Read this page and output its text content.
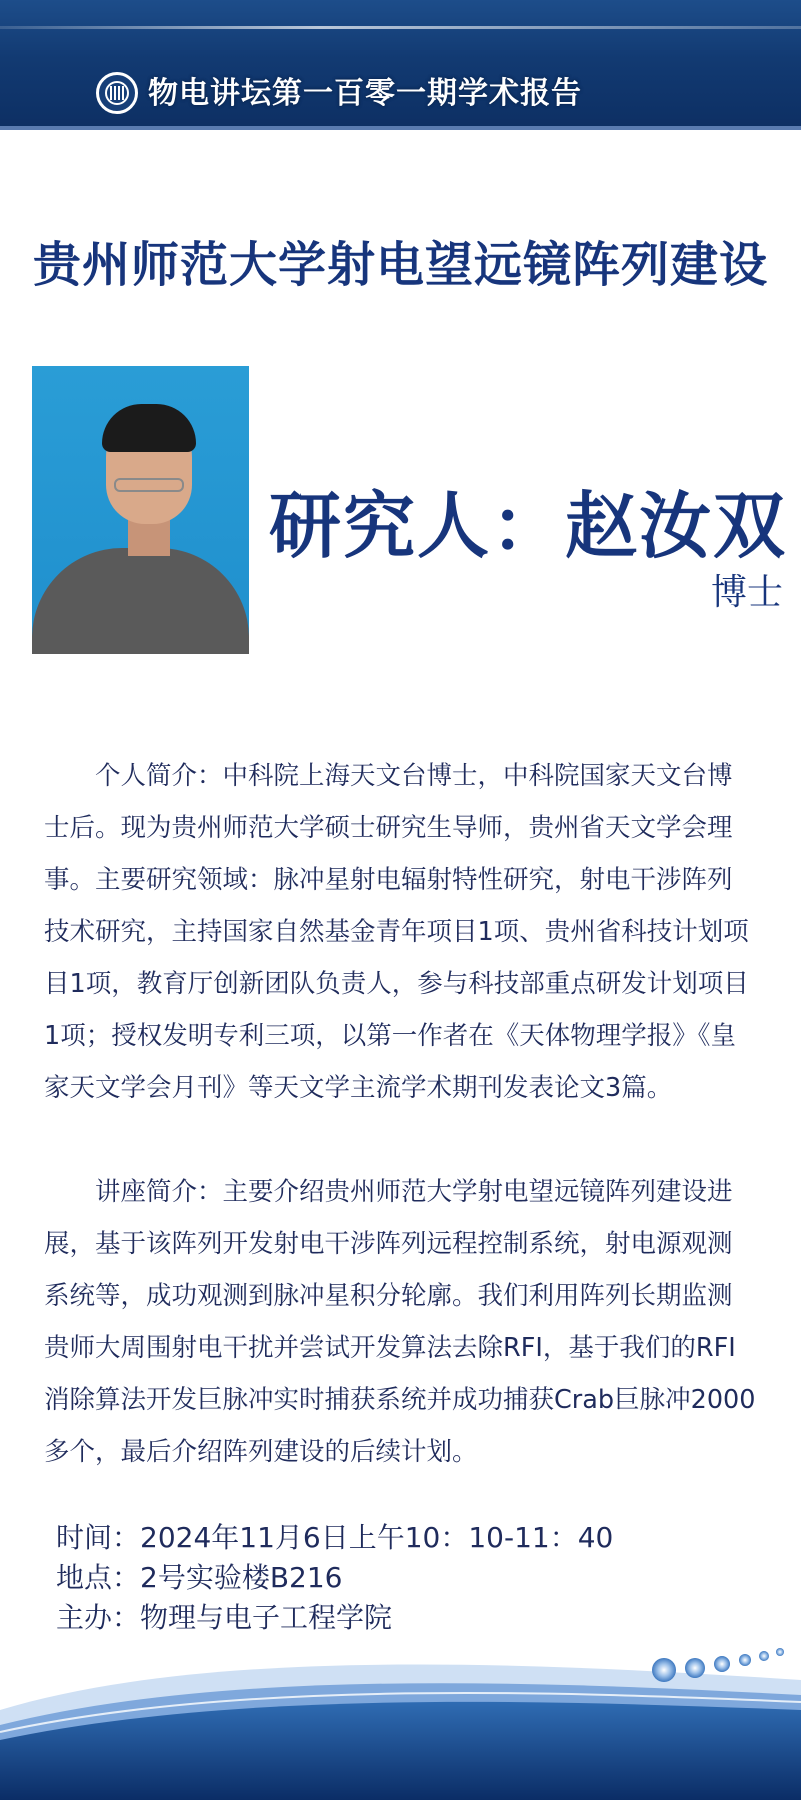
物电讲坛第一百零一期学术报告
贵州师范大学射电望远镜阵列建设
研究人：赵汝双
博士

　　个人简介：中科院上海天文台博士，中科院国家天文台博士后。现为贵州师范大学硕士研究生导师，贵州省天文学会理事。主要研究领域：脉冲星射电辐射特性研究，射电干涉阵列技术研究，主持国家自然基金青年项目1项、贵州省科技计划项目1项，教育厅创新团队负责人，参与科技部重点研发计划项目1项；授权发明专利三项，以第一作者在《天体物理学报》《皇家天文学会月刊》等天文学主流学术期刊发表论文3篇。

　　讲座简介：主要介绍贵州师范大学射电望远镜阵列建设进展，基于该阵列开发射电干涉阵列远程控制系统，射电源观测系统等，成功观测到脉冲星积分轮廓。我们利用阵列长期监测贵师大周围射电干扰并尝试开发算法去除RFI，基于我们的RFI消除算法开发巨脉冲实时捕获系统并成功捕获Crab巨脉冲2000多个，最后介绍阵列建设的后续计划。

时间：2024年11月6日上午10：10-11：40
地点：2号实验楼B216
主办：物理与电子工程学院
